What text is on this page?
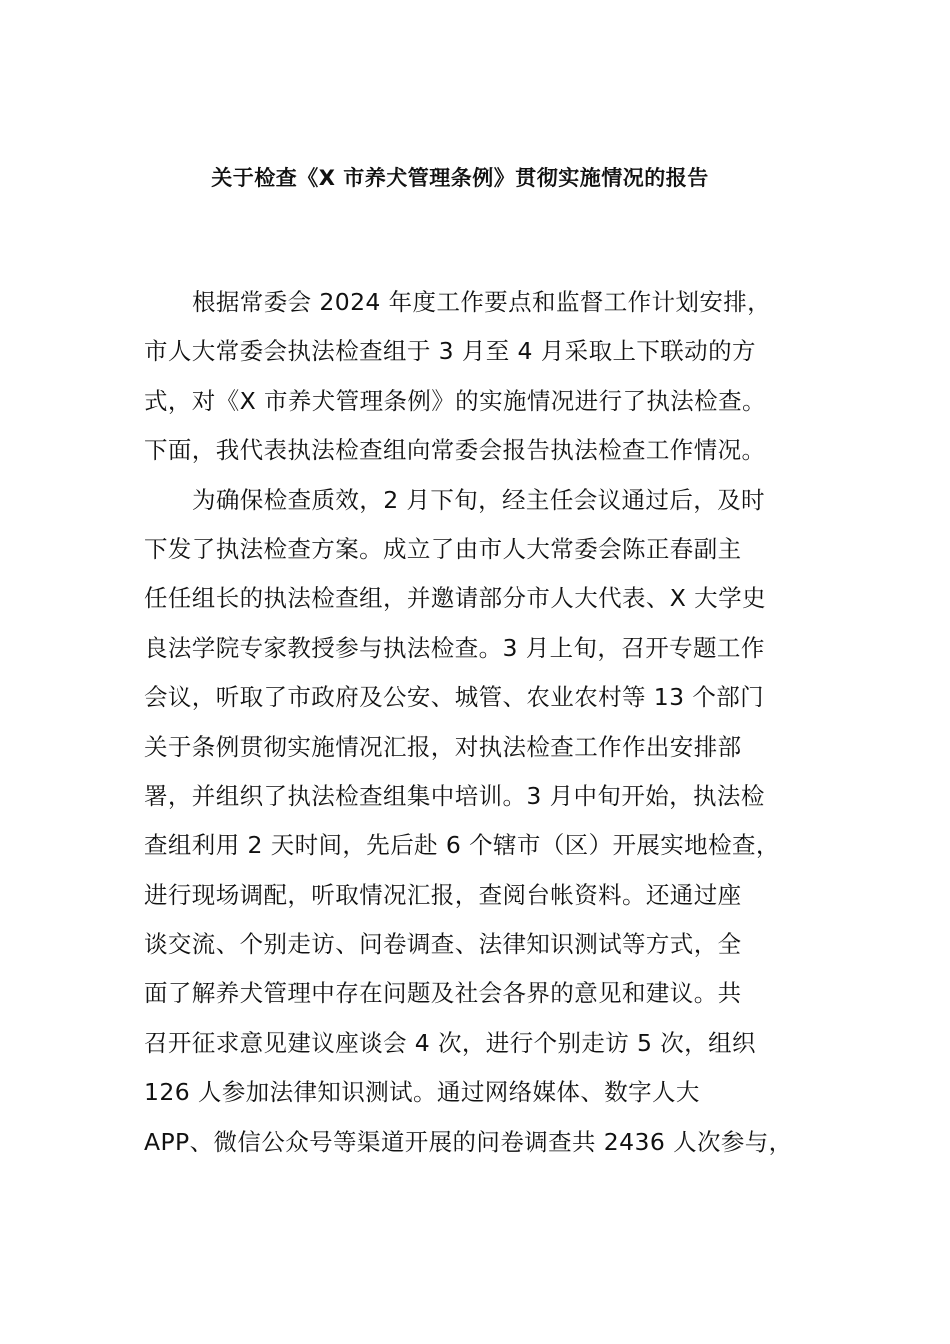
关于检查《X 市养犬管理条例》贯彻实施情况的报告
根据常委会 2024 年度工作要点和监督工作计划安排，
市人大常委会执法检查组于 3 月至 4 月采取上下联动的方
式，对《X 市养犬管理条例》的实施情况进行了执法检查。
下面，我代表执法检查组向常委会报告执法检查工作情况。
为确保检查质效，2 月下旬，经主任会议通过后，及时
下发了执法检查方案。成立了由市人大常委会陈正春副主
任任组长的执法检查组，并邀请部分市人大代表、X 大学史
良法学院专家教授参与执法检查。3 月上旬，召开专题工作
会议，听取了市政府及公安、城管、农业农村等 13 个部门
关于条例贯彻实施情况汇报，对执法检查工作作出安排部
署，并组织了执法检查组集中培训。3 月中旬开始，执法检
查组利用 2 天时间，先后赴 6 个辖市（区）开展实地检查，
进行现场调配，听取情况汇报，查阅台帐资料。还通过座
谈交流、个别走访、问卷调查、法律知识测试等方式，全
面了解养犬管理中存在问题及社会各界的意见和建议。共
召开征求意见建议座谈会 4 次，进行个别走访 5 次，组织
126 人参加法律知识测试。通过网络媒体、数字人大
APP、微信公众号等渠道开展的问卷调查共 2436 人次参与，
